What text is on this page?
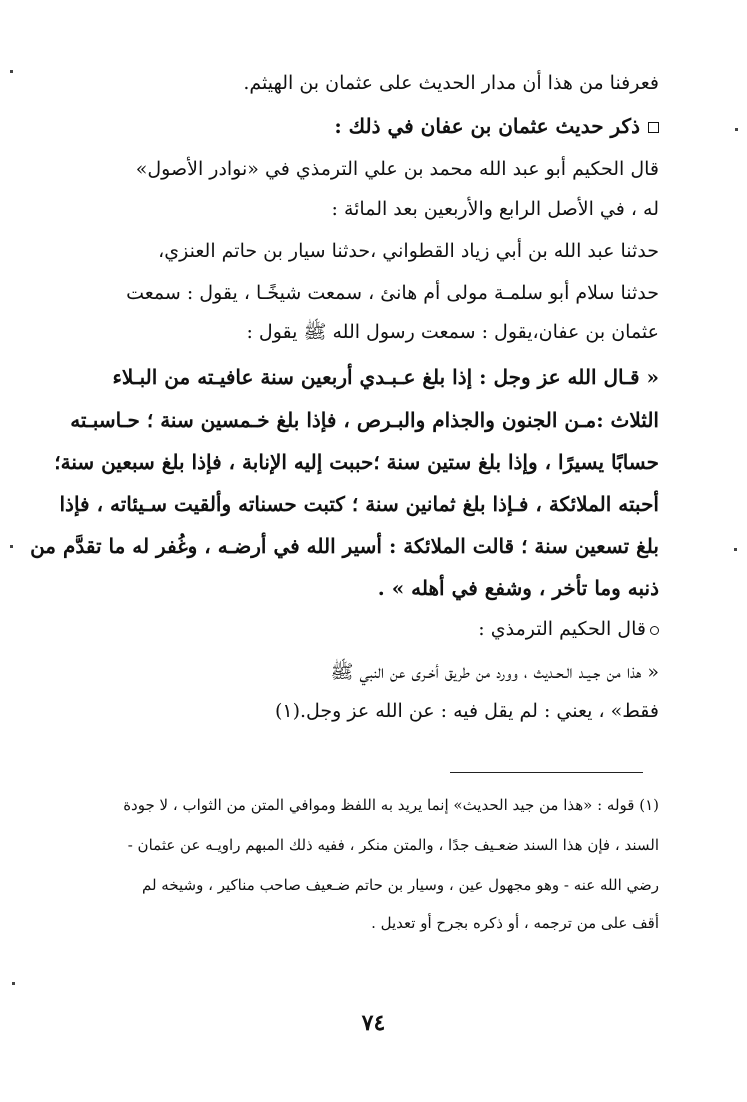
فعرفنا من هذا أن مدار الحديث على عثمان بن الهيثم.
ذكر حديث عثمان بن عفان في ذلك :
قال الحكيم أبو عبد الله محمد بن علي الترمذي في «نوادر الأصول»
له ، في الأصل الرابع والأربعين بعد المائة :
حدثنا عبد الله بن أبي زياد القطواني ،حدثنا سيار بن حاتم العنزي،
حدثنا سلام أبو سلمـة مولى أم هانئ ، سمعت شيخًـا ، يقول : سمعت
عثمان بن عفان،يقول : سمعت رسول الله ﷺ يقول :
« قـال الله عز وجل : إذا بلغ عـبـدي أربعين سنة عافيـته من البـلاء
الثلاث :مـن الجنون والجذام والبـرص ، فإذا بلغ خـمسين سنة ؛ حـاسبـته
حسابًا يسيرًا ، وإذا بلغ ستين سنة ؛حببت إليه الإنابة ، فإذا بلغ سبعين سنة؛
أحبته الملائكة ، فـإذا بلغ ثمانين سنة ؛ كتبت حسناته وألقيت سـيئاته ، فإذا
بلغ تسعين سنة ؛ قالت الملائكة : أسير الله في أرضـه ، وغُفر له ما تقدَّم من
ذنبه وما تأخر ، وشفع في أهله » .
قال الحكيم الترمذي :
« هذا من جـيـد الـحـديث ، وورد من طريق أخـرى عن النبي ﷺ
فقط» ، يعني : لم يقل فيه : عن الله عز وجل.(١)
(١) قوله : «هذا من جيد الحديث» إنما يريد به اللفظ وموافي المتن من الثواب ، لا جودة
السند ، فإن هذا السند ضعـيف جدًا ، والمتن منكر ، ففيه ذلك المبهم راويـه عن عثمان -
رضي الله عنه - وهو مجهول عين ، وسيار بن حاتم ضـعيف صاحب مناكير ، وشيخه لم
أقف على من ترجمه ، أو ذكره بجرح أو تعديل .
٧٤
